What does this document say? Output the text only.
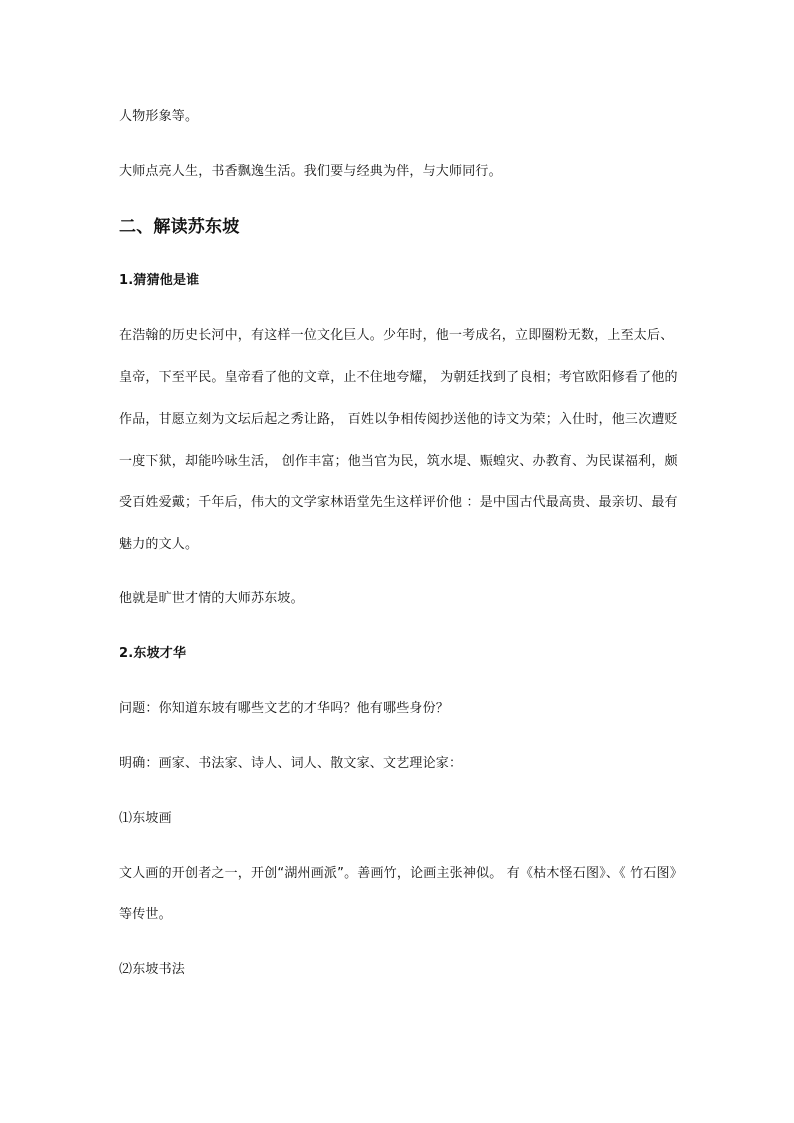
人物形象等。
大师点亮人生，书香飘逸生活。我们要与经典为伴，与大师同行。
二、解读苏东坡
1.猜猜他是谁
在浩翰的历史长河中，有这样一位文化巨人。少年时，他一考成名，立即圈粉无数，上至太后、
皇帝，下至平民。皇帝看了他的文章，止不住地夸耀， 为朝廷找到了良相；考官欧阳修看了他的
作品，甘愿立刻为文坛后起之秀让路， 百姓以争相传阅抄送他的诗文为荣；入仕时，他三次遭贬
一度下狱，却能吟咏生活， 创作丰富；他当官为民，筑水堤、赈蝗灾、办教育、为民谋福利，颇
受百姓爱戴；千年后，伟大的文学家林语堂先生这样评价他 ：是中国古代最高贵、最亲切、最有
魅力的文人。
他就是旷世才情的大师苏东坡。
2.东坡才华
问题：你知道东坡有哪些文艺的才华吗？他有哪些身份？
明确：画家、书法家、诗人、词人、散文家、文艺理论家：
⑴东坡画
文人画的开创者之一，开创“湖州画派”。善画竹，论画主张神似。 有《枯木怪石图》、《 竹石图》
等传世。
⑵东坡书法
